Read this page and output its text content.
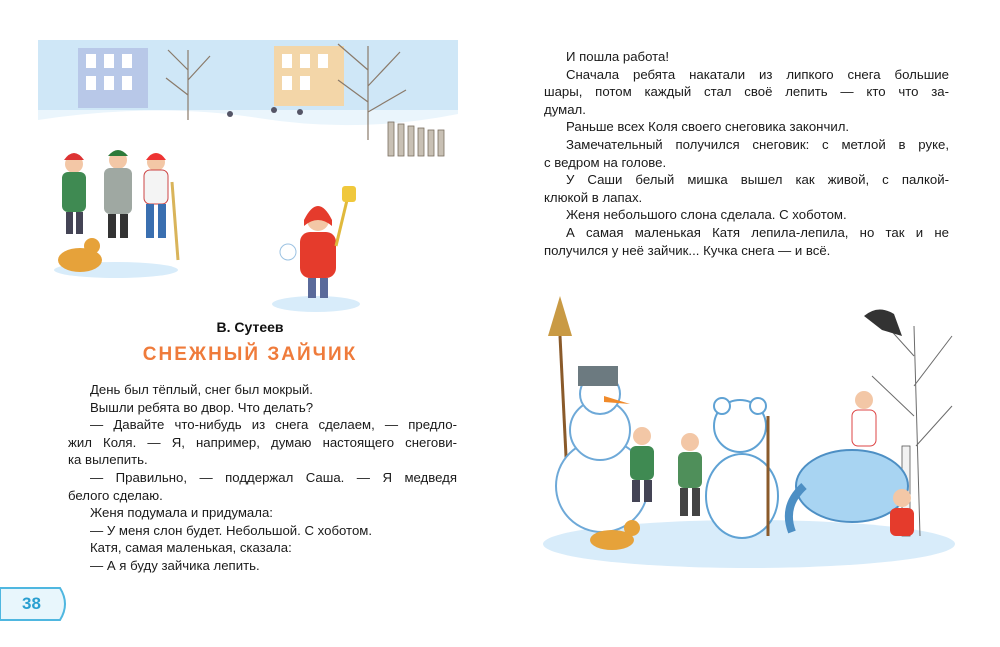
В. Сутеев
СНЕЖНЫЙ ЗАЙЧИК

День был тёплый, снег был мокрый.

Вышли ребята во двор. Что делать?

— Давайте что-нибудь из снега сделаем, — предло-

жил Коля. — Я, например, думаю настоящего снегови-

ка вылепить.

— Правильно, — поддержал Саша. — Я медведя

белого сделаю.

Женя подумала и придумала:

— У меня слон будет. Небольшой. С хоботом.

Катя, самая маленькая, сказала:

— А я буду зайчика лепить.

38

И пошла работа!

Сначала ребята накатали из липкого снега большие

шары, потом каждый стал своё лепить — кто что за-

думал.

Раньше всех Коля своего снеговика закончил.

Замечательный получился снеговик: с метлой в руке,

с ведром на голове.

У Саши белый мишка вышел как живой, с палкой-

клюкой в лапах.

Женя небольшого слона сделала. С хоботом.

А самая маленькая Катя лепила-лепила, но так и не

получился у неё зайчик... Кучка снега — и всё.
